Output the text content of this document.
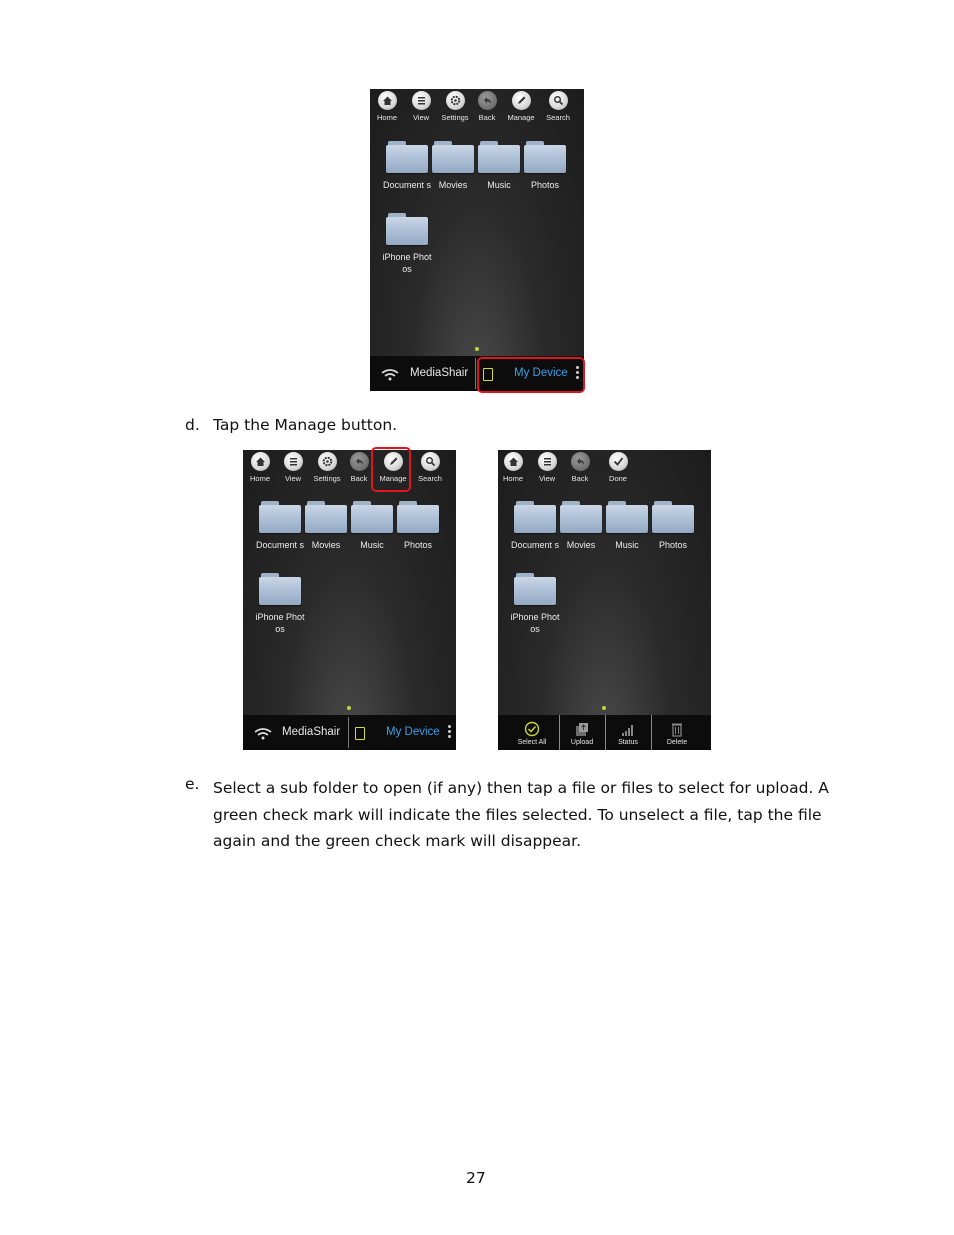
Home	View	Settings	Back	Manage	Search
Document s Movies	Music	Photos
iPhone Photos
MediaShair	My Device
d. Tap the Manage button.
Home	View	Settings	Back	Manage	Search
Document s Movies	Music	Photos
iPhone Photos
MediaShair	My Device
Home	View	Back	Done
Document s Movies	Music	Photos
iPhone Photos
Select All	Upload	Status	Delete
e. Select a sub folder to open (if any) then tap a file or files to select for upload. A
green check mark will indicate the files selected. To unselect a file, tap the file
again and the green check mark will disappear.
27
